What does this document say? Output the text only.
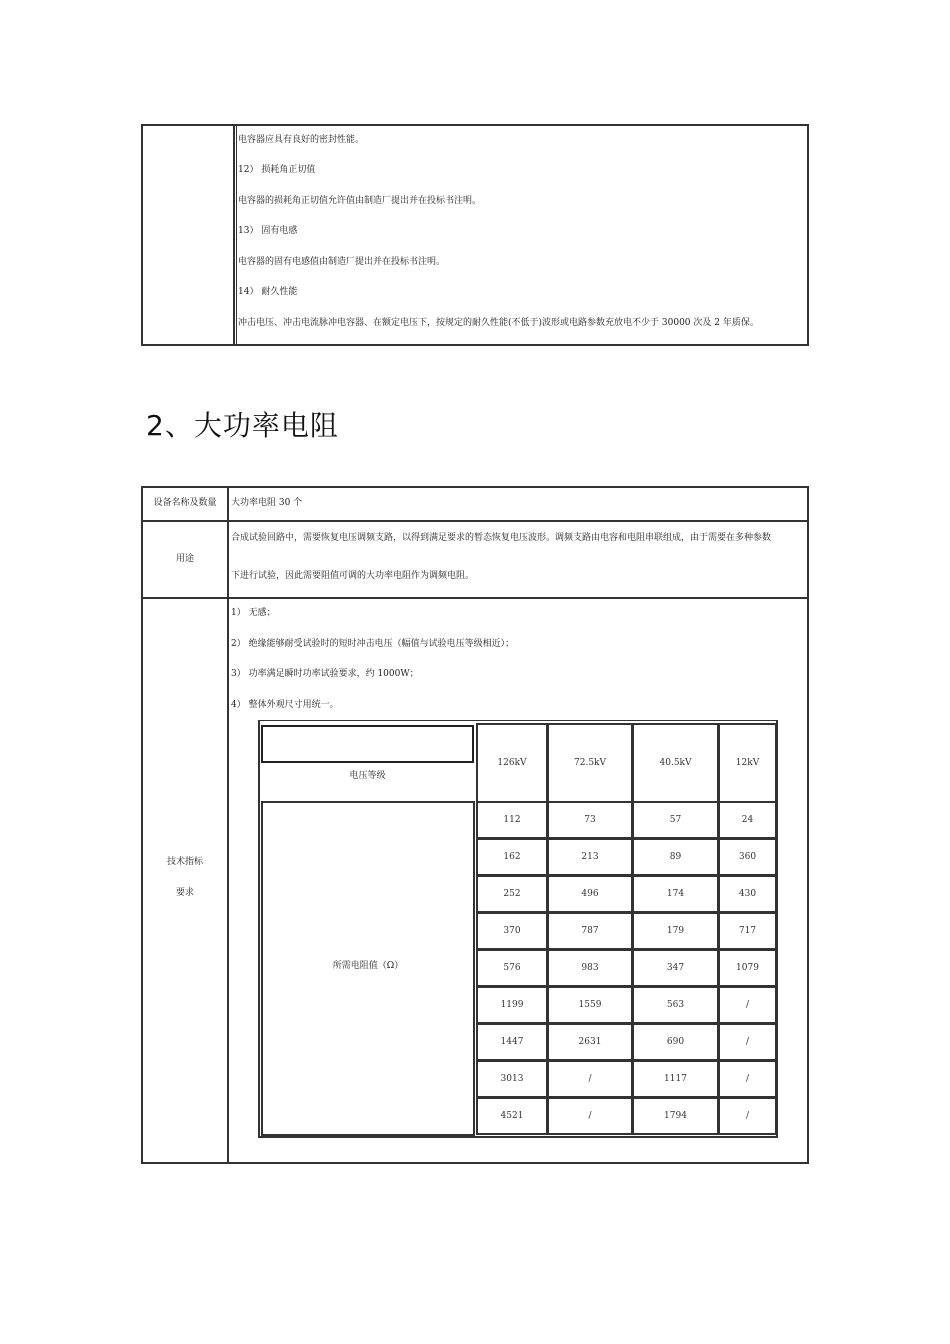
电容器应具有良好的密封性能。
12） 损耗角正切值
电容器的损耗角正切值允许值由制造厂提出并在投标书注明。
13） 固有电感
电容器的固有电感值由制造厂提出并在投标书注明。
14） 耐久性能
冲击电压、冲击电流脉冲电容器、在额定电压下，按规定的耐久性能(不低于)波形或电路参数充放电不少于 30000 次及 2 年质保。
2、大功率电阻
设备名称及数量	大功率电阻 30 个
用途
合成试验回路中，需要恢复电压调频支路，以得到满足要求的暂态恢复电压波形。调频支路由电容和电阻串联组成，由于需要在多种参数
下进行试验，因此需要阻值可调的大功率电阻作为调频电阻。
技术指标
要求
1） 无感；
2） 绝缘能够耐受试验时的短时冲击电压（幅值与试验电压等级相近）；
3） 功率满足瞬时功率试验要求，约 1000W；
4） 整体外观尺寸用统一。
电压等级
所需电阻值（Ω）
126kV	72.5kV	40.5kV	12kV
112	73	57	24
162	213	89	360
252	496	174	430
370	787	179	717
576	983	347	1079
1199	1559	563	/
1447	2631	690	/
3013	/	1117	/
4521	/	1794	/
